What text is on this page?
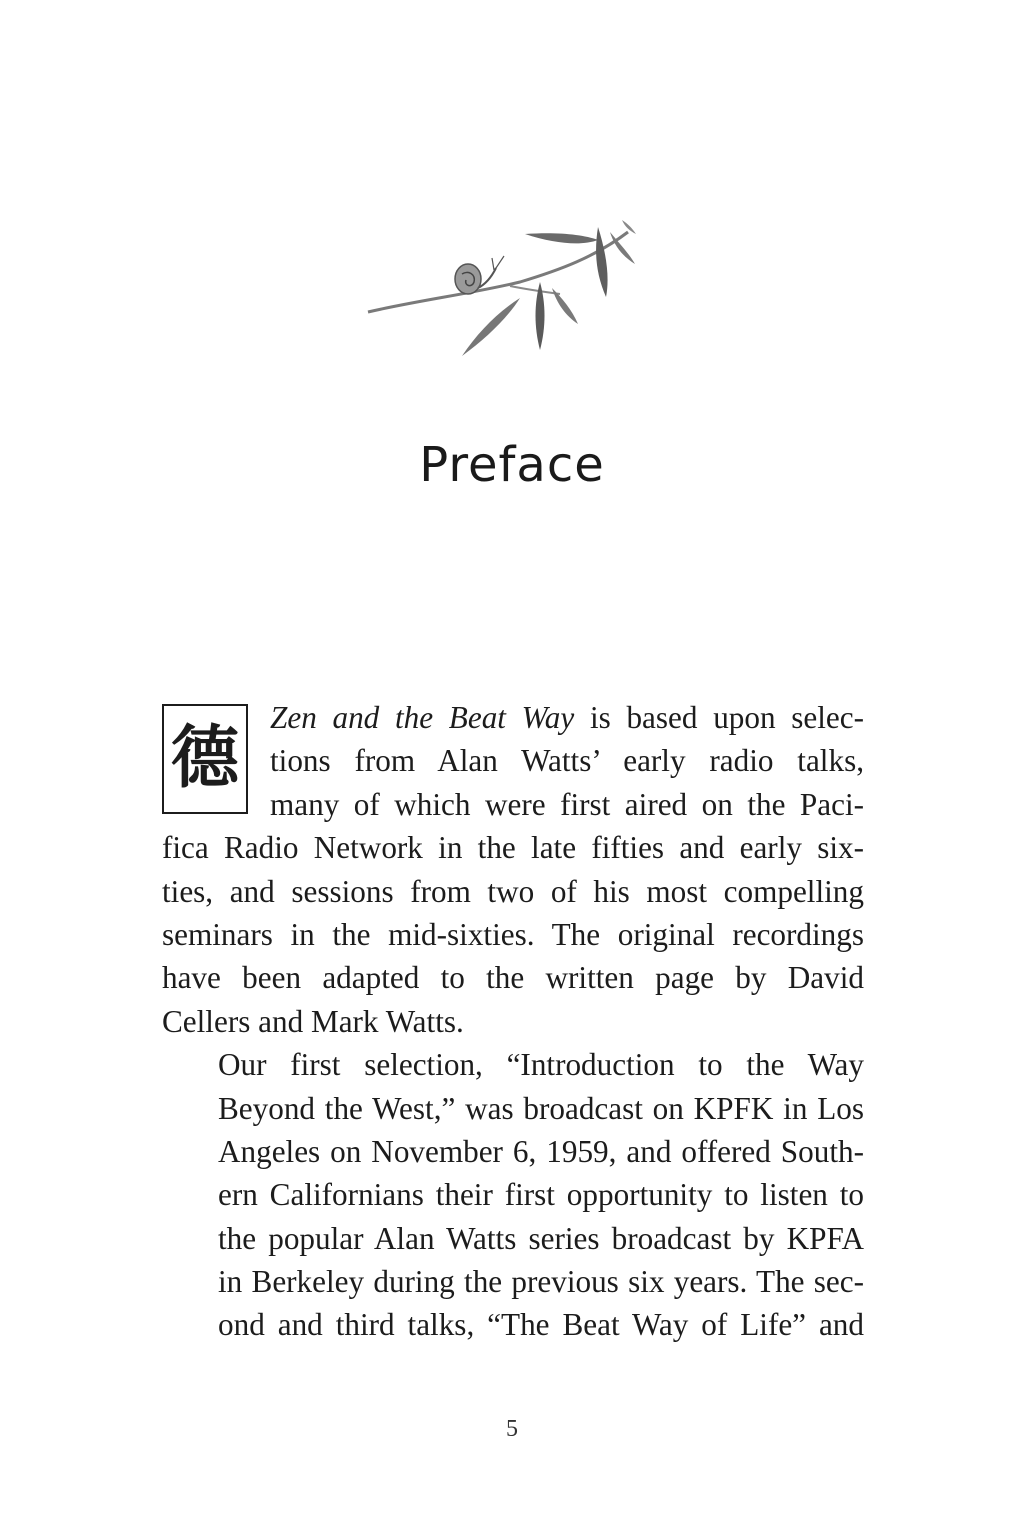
Preface
德

Zen and the Beat Way is based upon selec-
tions from Alan Watts’ early radio talks,
many of which were first aired on the Paci-
fica Radio Network in the late fifties and early six-
ties, and sessions from two of his most compelling
seminars in the mid-sixties. The original recordings
have been adapted to the written page by David
Cellers and Mark Watts.

Our first selection, “Introduction to the Way
Beyond the West,” was broadcast on KPFK in Los
Angeles on November 6, 1959, and offered South-
ern Californians their first opportunity to listen to
the popular Alan Watts series broadcast by KPFA
in Berkeley during the previous six years. The sec-
ond and third talks, “The Beat Way of Life” and

5
